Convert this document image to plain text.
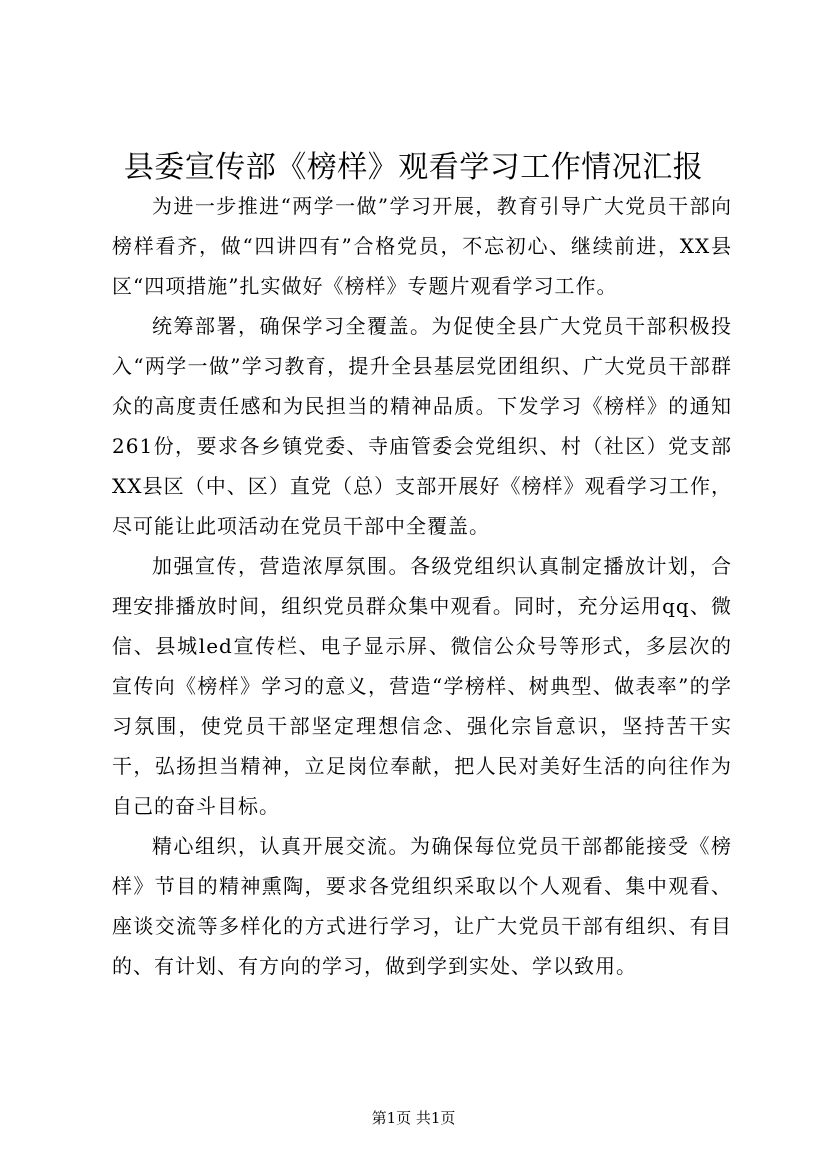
县委宣传部《榜样》观看学习工作情况汇报

为进一步推进“两学一做”学习开展，教育引导广大党员干部向榜样看齐，做“四讲四有”合格党员，不忘初心、继续前进，XX县区“四项措施”扎实做好《榜样》专题片观看学习工作。

统筹部署，确保学习全覆盖。为促使全县广大党员干部积极投入“两学一做”学习教育，提升全县基层党团组织、广大党员干部群众的高度责任感和为民担当的精神品质。下发学习《榜样》的通知261份，要求各乡镇党委、寺庙管委会党组织、村（社区）党支部XX县区（中、区）直党（总）支部开展好《榜样》观看学习工作，尽可能让此项活动在党员干部中全覆盖。

加强宣传，营造浓厚氛围。各级党组织认真制定播放计划，合理安排播放时间，组织党员群众集中观看。同时，充分运用qq、微信、县城led宣传栏、电子显示屏、微信公众号等形式，多层次的宣传向《榜样》学习的意义，营造“学榜样、树典型、做表率”的学习氛围，使党员干部坚定理想信念、强化宗旨意识，坚持苦干实干，弘扬担当精神，立足岗位奉献，把人民对美好生活的向往作为自己的奋斗目标。

精心组织，认真开展交流。为确保每位党员干部都能接受《榜样》节目的精神熏陶，要求各党组织采取以个人观看、集中观看、座谈交流等多样化的方式进行学习，让广大党员干部有组织、有目的、有计划、有方向的学习，做到学到实处、学以致用。

第1页 共1页
